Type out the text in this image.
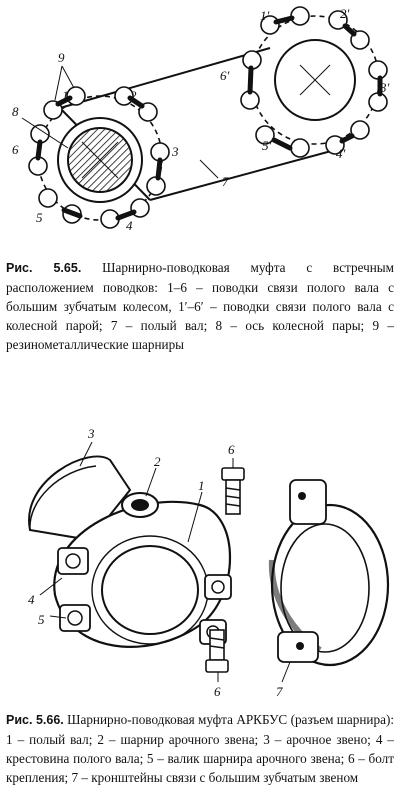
9
1	2
8
6	3
5
4
7
1'	2'
3'
4'
5'
6'
Рис. 5.65. Шарнирно-поводковая муфта с встречным расположением поводков: 1–6 – поводки связи полого вала с большим зубчатым колесом, 1′–6′ – поводки связи полого вала с колесной парой; 7 – полый вал; 8 – ось колесной пары; 9 – резинометаллические шарниры
3
2
1
6
4
5
6	7
Рис. 5.66. Шарнирно-поводковая муфта АРКБУС (разъем шарнира): 1 – полый вал; 2 – шарнир арочного звена; 3 – арочное звено; 4 – крестовина полого вала; 5 – валик шарнира арочного звена; 6 – болт крепления; 7 – кронштейны связи с большим зубчатым звеном
